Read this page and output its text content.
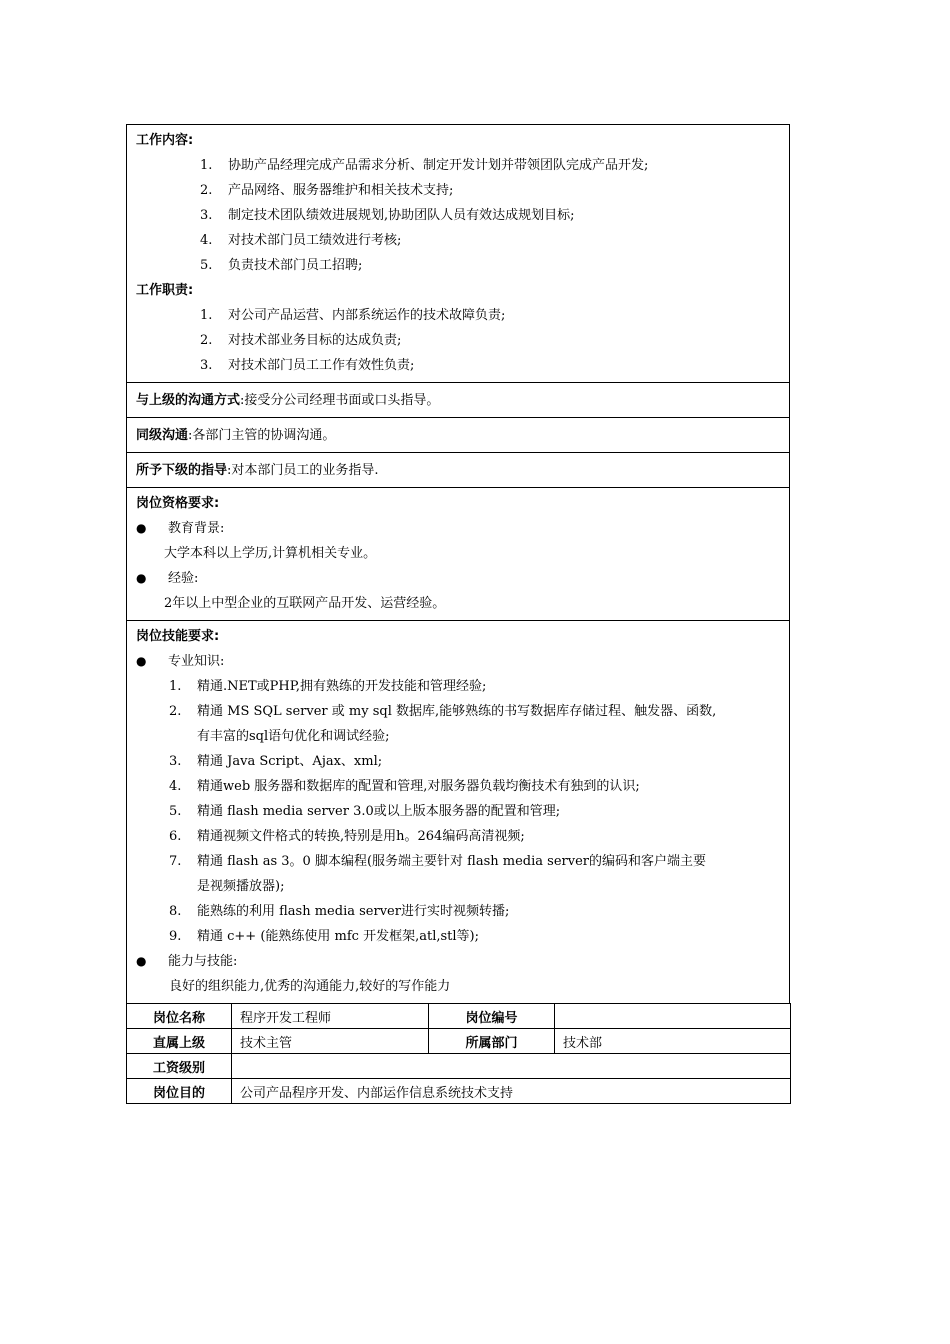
工作内容:
1. 协助产品经理完成产品需求分析、制定开发计划并带领团队完成产品开发;
2. 产品网络、服务器维护和相关技术支持;
3. 制定技术团队绩效进展规划,协助团队人员有效达成规划目标;
4. 对技术部门员工绩效进行考核;
5. 负责技术部门员工招聘;
工作职责:
1. 对公司产品运营、内部系统运作的技术故障负责;
2. 对技术部业务目标的达成负责;
3. 对技术部门员工工作有效性负责;
与上级的沟通方式:接受分公司经理书面或口头指导。
同级沟通:各部门主管的协调沟通。
所予下级的指导:对本部门员工的业务指导.
岗位资格要求:
● 教育背景:
大学本科以上学历,计算机相关专业。
● 经验:
2年以上中型企业的互联网产品开发、运营经验。
岗位技能要求:
● 专业知识:
1. 精通.NET或PHP,拥有熟练的开发技能和管理经验;
2. 精通 MS SQL server 或 my sql 数据库,能够熟练的书写数据库存储过程、触发器、函数,
有丰富的sql语句优化和调试经验;
3. 精通 Java Script、Ajax、xml;
4. 精通web 服务器和数据库的配置和管理,对服务器负载均衡技术有独到的认识;
5. 精通 flash media server 3.0或以上版本服务器的配置和管理;
6. 精通视频文件格式的转换,特别是用h。264编码高清视频;
7. 精通 flash as 3。0 脚本编程(服务端主要针对 flash media server的编码和客户端主要
是视频播放器);
8. 能熟练的利用 flash media server进行实时视频转播;
9. 精通 c++ (能熟练使用 mfc 开发框架,atl,stl等);
● 能力与技能:
良好的组织能力,优秀的沟通能力,较好的写作能力
岗位名称	程序开发工程师	岗位编号	
直属上级	技术主管	所属部门	技术部
工资级别			
岗位目的	公司产品程序开发、内部运作信息系统技术支持		
